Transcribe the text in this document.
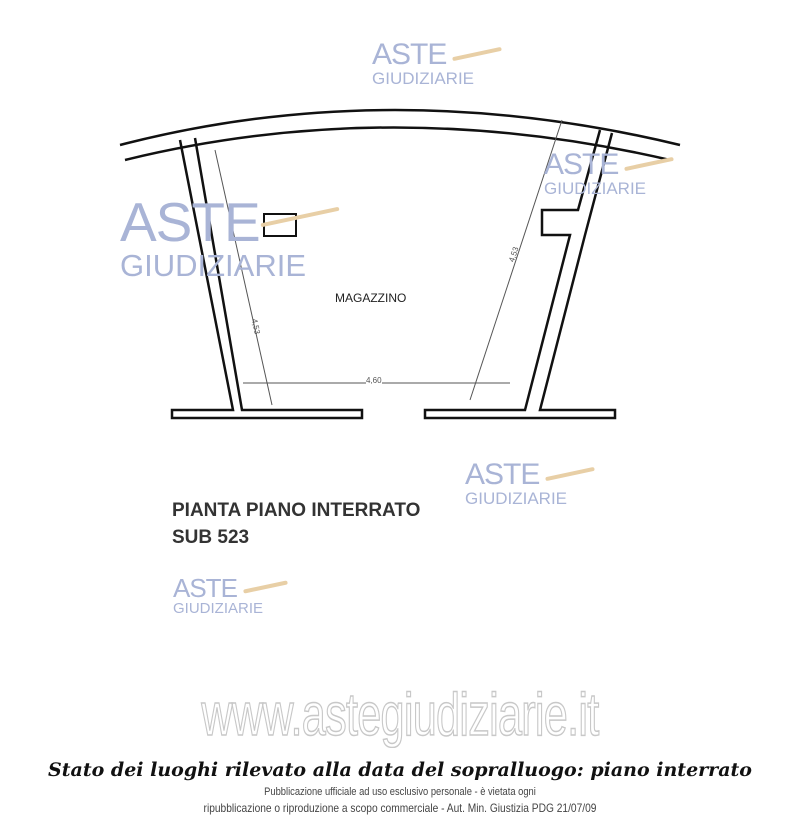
ASTE
GIUDIZIARIE
ASTE
GIUDIZIARIE
ASTE
GIUDIZIARIE
ASTE
GIUDIZIARIE
ASTE
GIUDIZIARIE
MAGAZZINO
4,60
4,53
4,53
PIANTA PIANO INTERRATO
SUB 523
www.astegiudiziarie.it
Stato dei luoghi rilevato alla data del sopralluogo: piano interrato
Pubblicazione ufficiale ad uso esclusivo personale - è vietata ogni
ripubblicazione o riproduzione a scopo commerciale - Aut. Min. Giustizia PDG 21/07/09
